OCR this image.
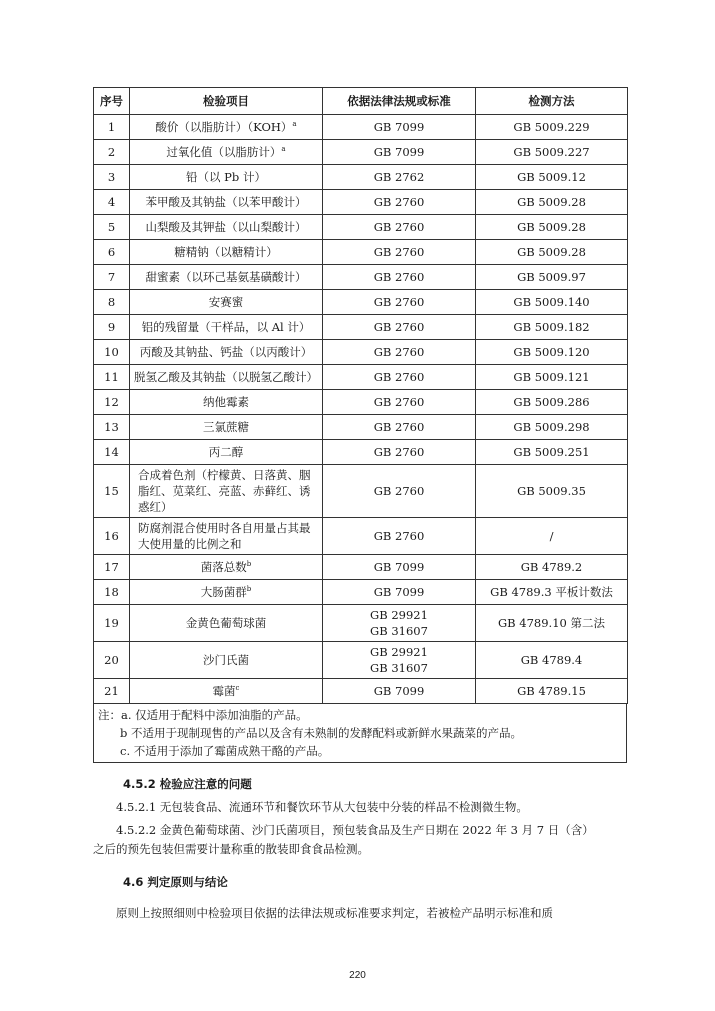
序号	检验项目	依据法律法规或标准	检测方法
1	酸价（以脂肪计）（KOH）$^a$	GB 7099	GB 5009.229
2	过氧化值（以脂肪计）$^a$	GB 7099	GB 5009.227
3	铅（以 Pb 计）	GB 2762	GB 5009.12
4	苯甲酸及其钠盐（以苯甲酸计）	GB 2760	GB 5009.28
5	山梨酸及其钾盐（以山梨酸计）	GB 2760	GB 5009.28
6	糖精钠（以糖精计）	GB 2760	GB 5009.28
7	甜蜜素（以环己基氨基磺酸计）	GB 2760	GB 5009.97
8	安赛蜜	GB 2760	GB 5009.140
9	铝的残留量（干样品，以 Al 计）	GB 2760	GB 5009.182
10	丙酸及其钠盐、钙盐（以丙酸计）	GB 2760	GB 5009.120
11	脱氢乙酸及其钠盐（以脱氢乙酸计）	GB 2760	GB 5009.121
12	纳他霉素	GB 2760	GB 5009.286
13	三氯蔗糖	GB 2760	GB 5009.298
14	丙二醇	GB 2760	GB 5009.251
15	合成着色剂（柠檬黄、日落黄、胭
脂红、苋菜红、亮蓝、赤藓红、诱
惑红）	GB 2760	GB 5009.35
16	防腐剂混合使用时各自用量占其最
大使用量的比例之和	GB 2760	/
17	菌落总数$^b$	GB 7099	GB 4789.2
18	大肠菌群$^b$	GB 7099	GB 4789.3 平板计数法
19	金黄色葡萄球菌	GB 29921
GB 31607	GB 4789.10 第二法
20	沙门氏菌	GB 29921
GB 31607	GB 4789.4
21	霉菌$^c$	GB 7099	GB 4789.15
注：a. 仅适用于配料中添加油脂的产品。
b 不适用于现制现售的产品以及含有未熟制的发酵配料或新鲜水果蔬菜的产品。
c. 不适用于添加了霉菌成熟干酪的产品。
4.5.2 检验应注意的问题
4.5.2.1 无包装食品、流通环节和餐饮环节从大包装中分装的样品不检测微生物。
4.5.2.2 金黄色葡萄球菌、沙门氏菌项目，预包装食品及生产日期在 2022 年 3 月 7 日（含）
之后的预先包装但需要计量称重的散装即食食品检测。
4.6 判定原则与结论
原则上按照细则中检验项目依据的法律法规或标准要求判定，若被检产品明示标准和质
220
